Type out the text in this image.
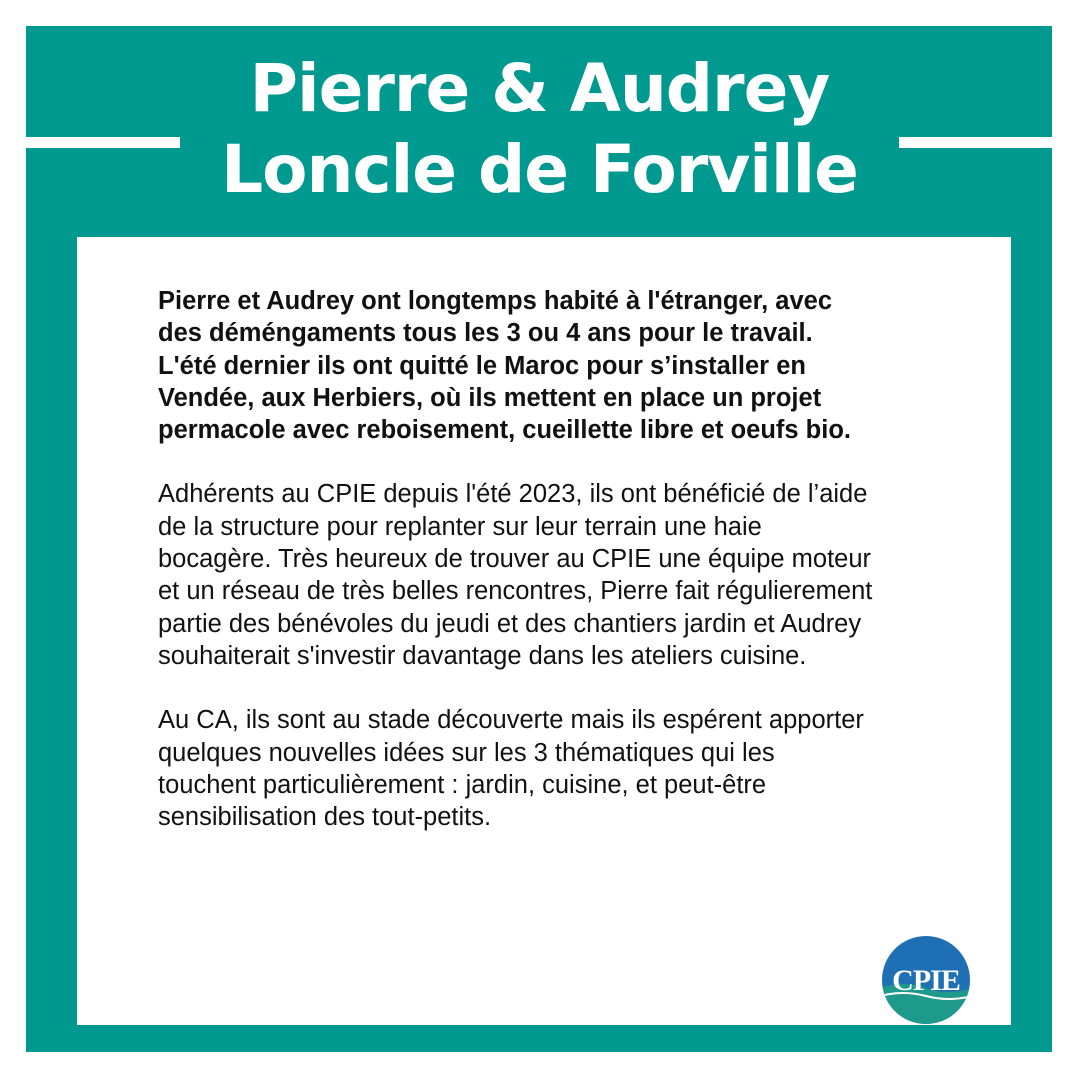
Pierre & Audrey
Loncle de Forville

Pierre et Audrey ont longtemps habité à l'étranger, avec des déméngaments tous les 3 ou 4 ans pour le travail. L'été dernier ils ont quitté le Maroc pour s’installer en Vendée, aux Herbiers, où ils mettent en place un projet permacole avec reboisement, cueillette libre et oeufs bio.

Adhérents au CPIE depuis l'été 2023, ils ont bénéficié de l’aide de la structure pour replanter sur leur terrain une haie bocagère. Très heureux de trouver au CPIE une équipe moteur et un réseau de très belles rencontres, Pierre fait régulierement partie des bénévoles du jeudi et des chantiers jardin et Audrey souhaiterait s'investir davantage dans les ateliers cuisine.

Au CA, ils sont au stade découverte mais ils espérent apporter quelques nouvelles idées sur les 3 thématiques qui les touchent particulièrement : jardin, cuisine, et peut-être sensibilisation des tout-petits.

CPIE
